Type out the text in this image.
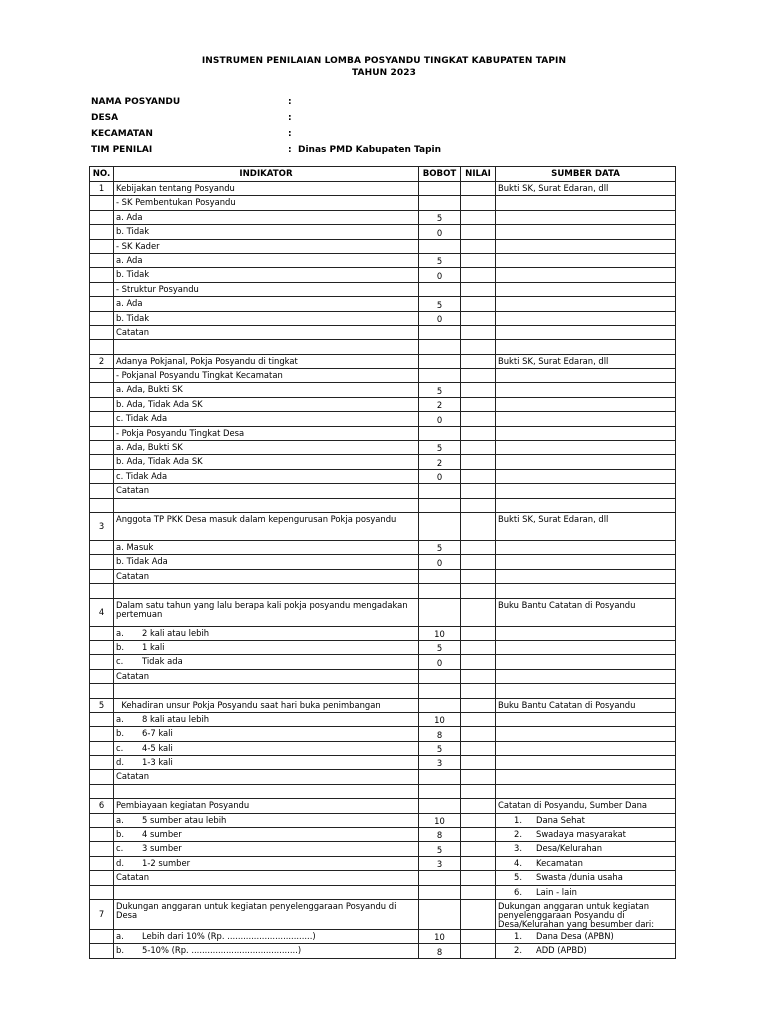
INSTRUMEN PENILAIAN LOMBA POSYANDU TINGKAT KABUPATEN TAPIN
TAHUN 2023
NAMA POSYANDU	:
DESA	:
KECAMATAN	:
TIM PENILAI	: Dinas PMD Kabupaten Tapin
NO.	INDIKATOR	BOBOT	NILAI	SUMBER DATA
1	Kebijakan tentang Posyandu			Bukti SK, Surat Edaran, dll
	- SK Pembentukan Posyandu			
	a. Ada	5		
	b. Tidak	0		
	- SK Kader			
	a. Ada	5		
	b. Tidak	0		
	- Struktur Posyandu			
	a. Ada	5		
	b. Tidak	0		
	Catatan			

2	Adanya Pokjanal, Pokja Posyandu di tingkat			Bukti SK, Surat Edaran, dll
	- Pokjanal Posyandu Tingkat Kecamatan			
	a. Ada, Bukti SK	5		
	b. Ada, Tidak Ada SK	2		
	c. Tidak Ada	0		
	- Pokja Posyandu Tingkat Desa			
	a. Ada, Bukti SK	5		
	b. Ada, Tidak Ada SK	2		
	c. Tidak Ada	0		
	Catatan			

3	Anggota TP PKK Desa masuk dalam kepengurusan Pokja posyandu			Bukti SK, Surat Edaran, dll
	a. Masuk	5		
	b. Tidak Ada	0		
	Catatan			

4	Dalam satu tahun yang lalu berapa kali pokja posyandu mengadakan pertemuan			Buku Bantu Catatan di Posyandu
	a. 2 kali atau lebih	10		
	b. 1 kali	5		
	c. Tidak ada	0		
	Catatan			

5	Kehadiran unsur Pokja Posyandu saat hari buka penimbangan			Buku Bantu Catatan di Posyandu
	a. 8 kali atau lebih	10		
	b. 6-7 kali	8		
	c. 4-5 kali	5		
	d. 1-3 kali	3		
	Catatan			

6	Pembiayaan kegiatan Posyandu			Catatan di Posyandu, Sumber Dana
	a. 5 sumber atau lebih	10		1. Dana Sehat
	b. 4 sumber	8		2. Swadaya masyarakat
	c. 3 sumber	5		3. Desa/Kelurahan
	d. 1-2 sumber	3		4. Kecamatan
	Catatan			5. Swasta /dunia usaha
				6. Lain - lain
7	Dukungan anggaran untuk kegiatan penyelenggaraan Posyandu di Desa			Dukungan anggaran untuk kegiatan penyelenggaraan Posyandu di Desa/Kelurahan yang besumber dari:
	a. Lebih dari 10% (Rp. ................................)	10		1. Dana Desa (APBN)
	b. 5-10% (Rp. ........................................)	8		2. ADD (APBD)
